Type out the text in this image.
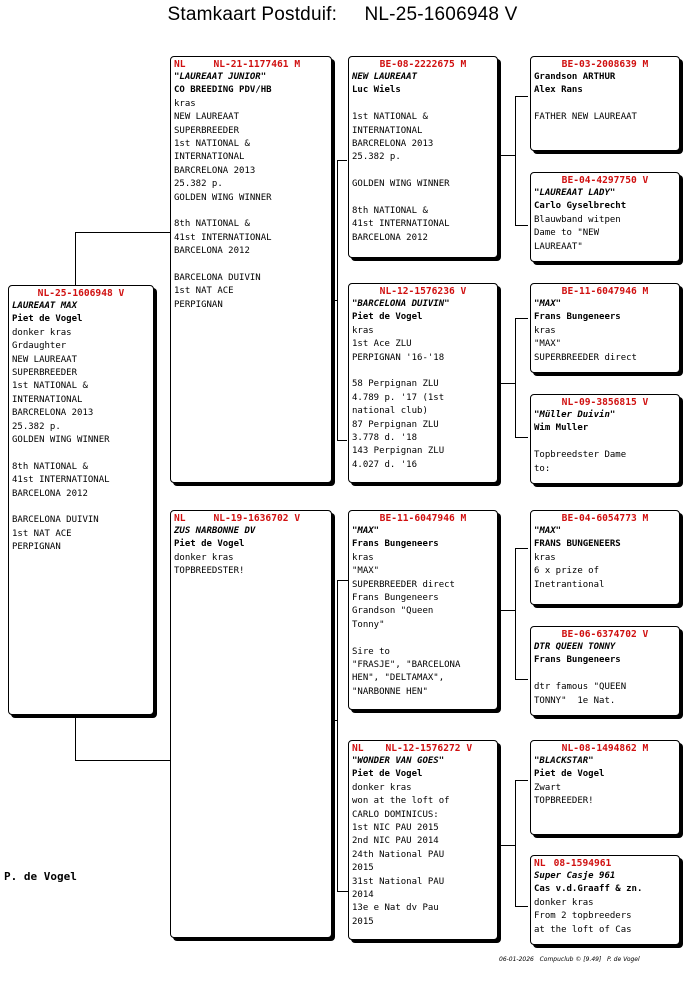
Stamkaart Postduif:     NL-25-1606948 V
NL-25-1606948 V
LAUREAAT MAX
Piet de Vogel
donker kras
Grdaughter
NEW LAUREAAT
SUPERBREEDER
1st NATIONAL &
INTERNATIONAL
BARCRELONA 2013
25.382 p.
GOLDEN WING WINNER
8th NATIONAL &
41st INTERNATIONAL
BARCELONA 2012
BARCELONA DUIVIN
1st NAT ACE
PERPIGNAN
NL	NL-21-1177461 M
"LAUREAAT JUNIOR"
CO BREEDING PDV/HB
kras
NEW LAUREAAT
SUPERBREEDER
1st NATIONAL &
INTERNATIONAL
BARCRELONA 2013
25.382 p.
GOLDEN WING WINNER
8th NATIONAL &
41st INTERNATIONAL
BARCELONA 2012
BARCELONA DUIVIN
1st NAT ACE
PERPIGNAN
NL	NL-19-1636702 V
ZUS NARBONNE DV
Piet de Vogel
donker kras
TOPBREEDSTER!
BE-08-2222675 M
NEW LAUREAAT
Luc Wiels
1st NATIONAL &
INTERNATIONAL
BARCRELONA 2013
25.382 p.
GOLDEN WING WINNER
8th NATIONAL &
41st INTERNATIONAL
BARCELONA 2012
NL-12-1576236 V
"BARCELONA DUIVIN"
Piet de Vogel
kras
1st Ace ZLU
PERPIGNAN '16-'18
58 Perpignan ZLU
4.789 p. '17 (1st
national club)
87 Perpignan ZLU
3.778 d. '18
143 Perpignan ZLU
4.027 d. '16
BE-11-6047946 M
"MAX"
Frans Bungeneers
kras
"MAX"
SUPERBREEDER direct
Frans Bungeneers
Grandson "Queen
Tonny"
Sire to
"FRASJE", "BARCELONA
HEN", "DELTAMAX",
"NARBONNE HEN"
NL	NL-12-1576272 V
"WONDER VAN GOES"
Piet de Vogel
donker kras
won at the loft of
CARLO DOMINICUS:
1st NIC PAU 2015
2nd NIC PAU 2014
24th National PAU
2015
31st National PAU
2014
13e e Nat dv Pau
2015
BE-03-2008639 M
Grandson ARTHUR
Alex Rans
FATHER NEW LAUREAAT
BE-04-4297750 V
"LAUREAAT LADY"
Carlo Gyselbrecht
Blauwband witpen
Dame to "NEW
LAUREAAT"
BE-11-6047946 M
"MAX"
Frans Bungeneers
kras
"MAX"
SUPERBREEDER direct
NL-09-3856815 V
"Müller Duivin"
Wim Muller
Topbreedster Dame
to:
BE-04-6054773 M
"MAX"
FRANS BUNGENEERS
kras
6 x prize of
Inetrantional
BE-06-6374702 V
DTR QUEEN TONNY
Frans Bungeneers
dtr famous "QUEEN
TONNY"  1e Nat.
NL-08-1494862 M
"BLACKSTAR"
Piet de Vogel
Zwart
TOPBREEDER!
NL 08-1594961
Super Casje 961
Cas v.d.Graaff & zn.
donker kras
From 2 topbreeders
at the loft of Cas
P. de Vogel
06-01-2026   Compuclub © [9.49]   P. de Vogel
